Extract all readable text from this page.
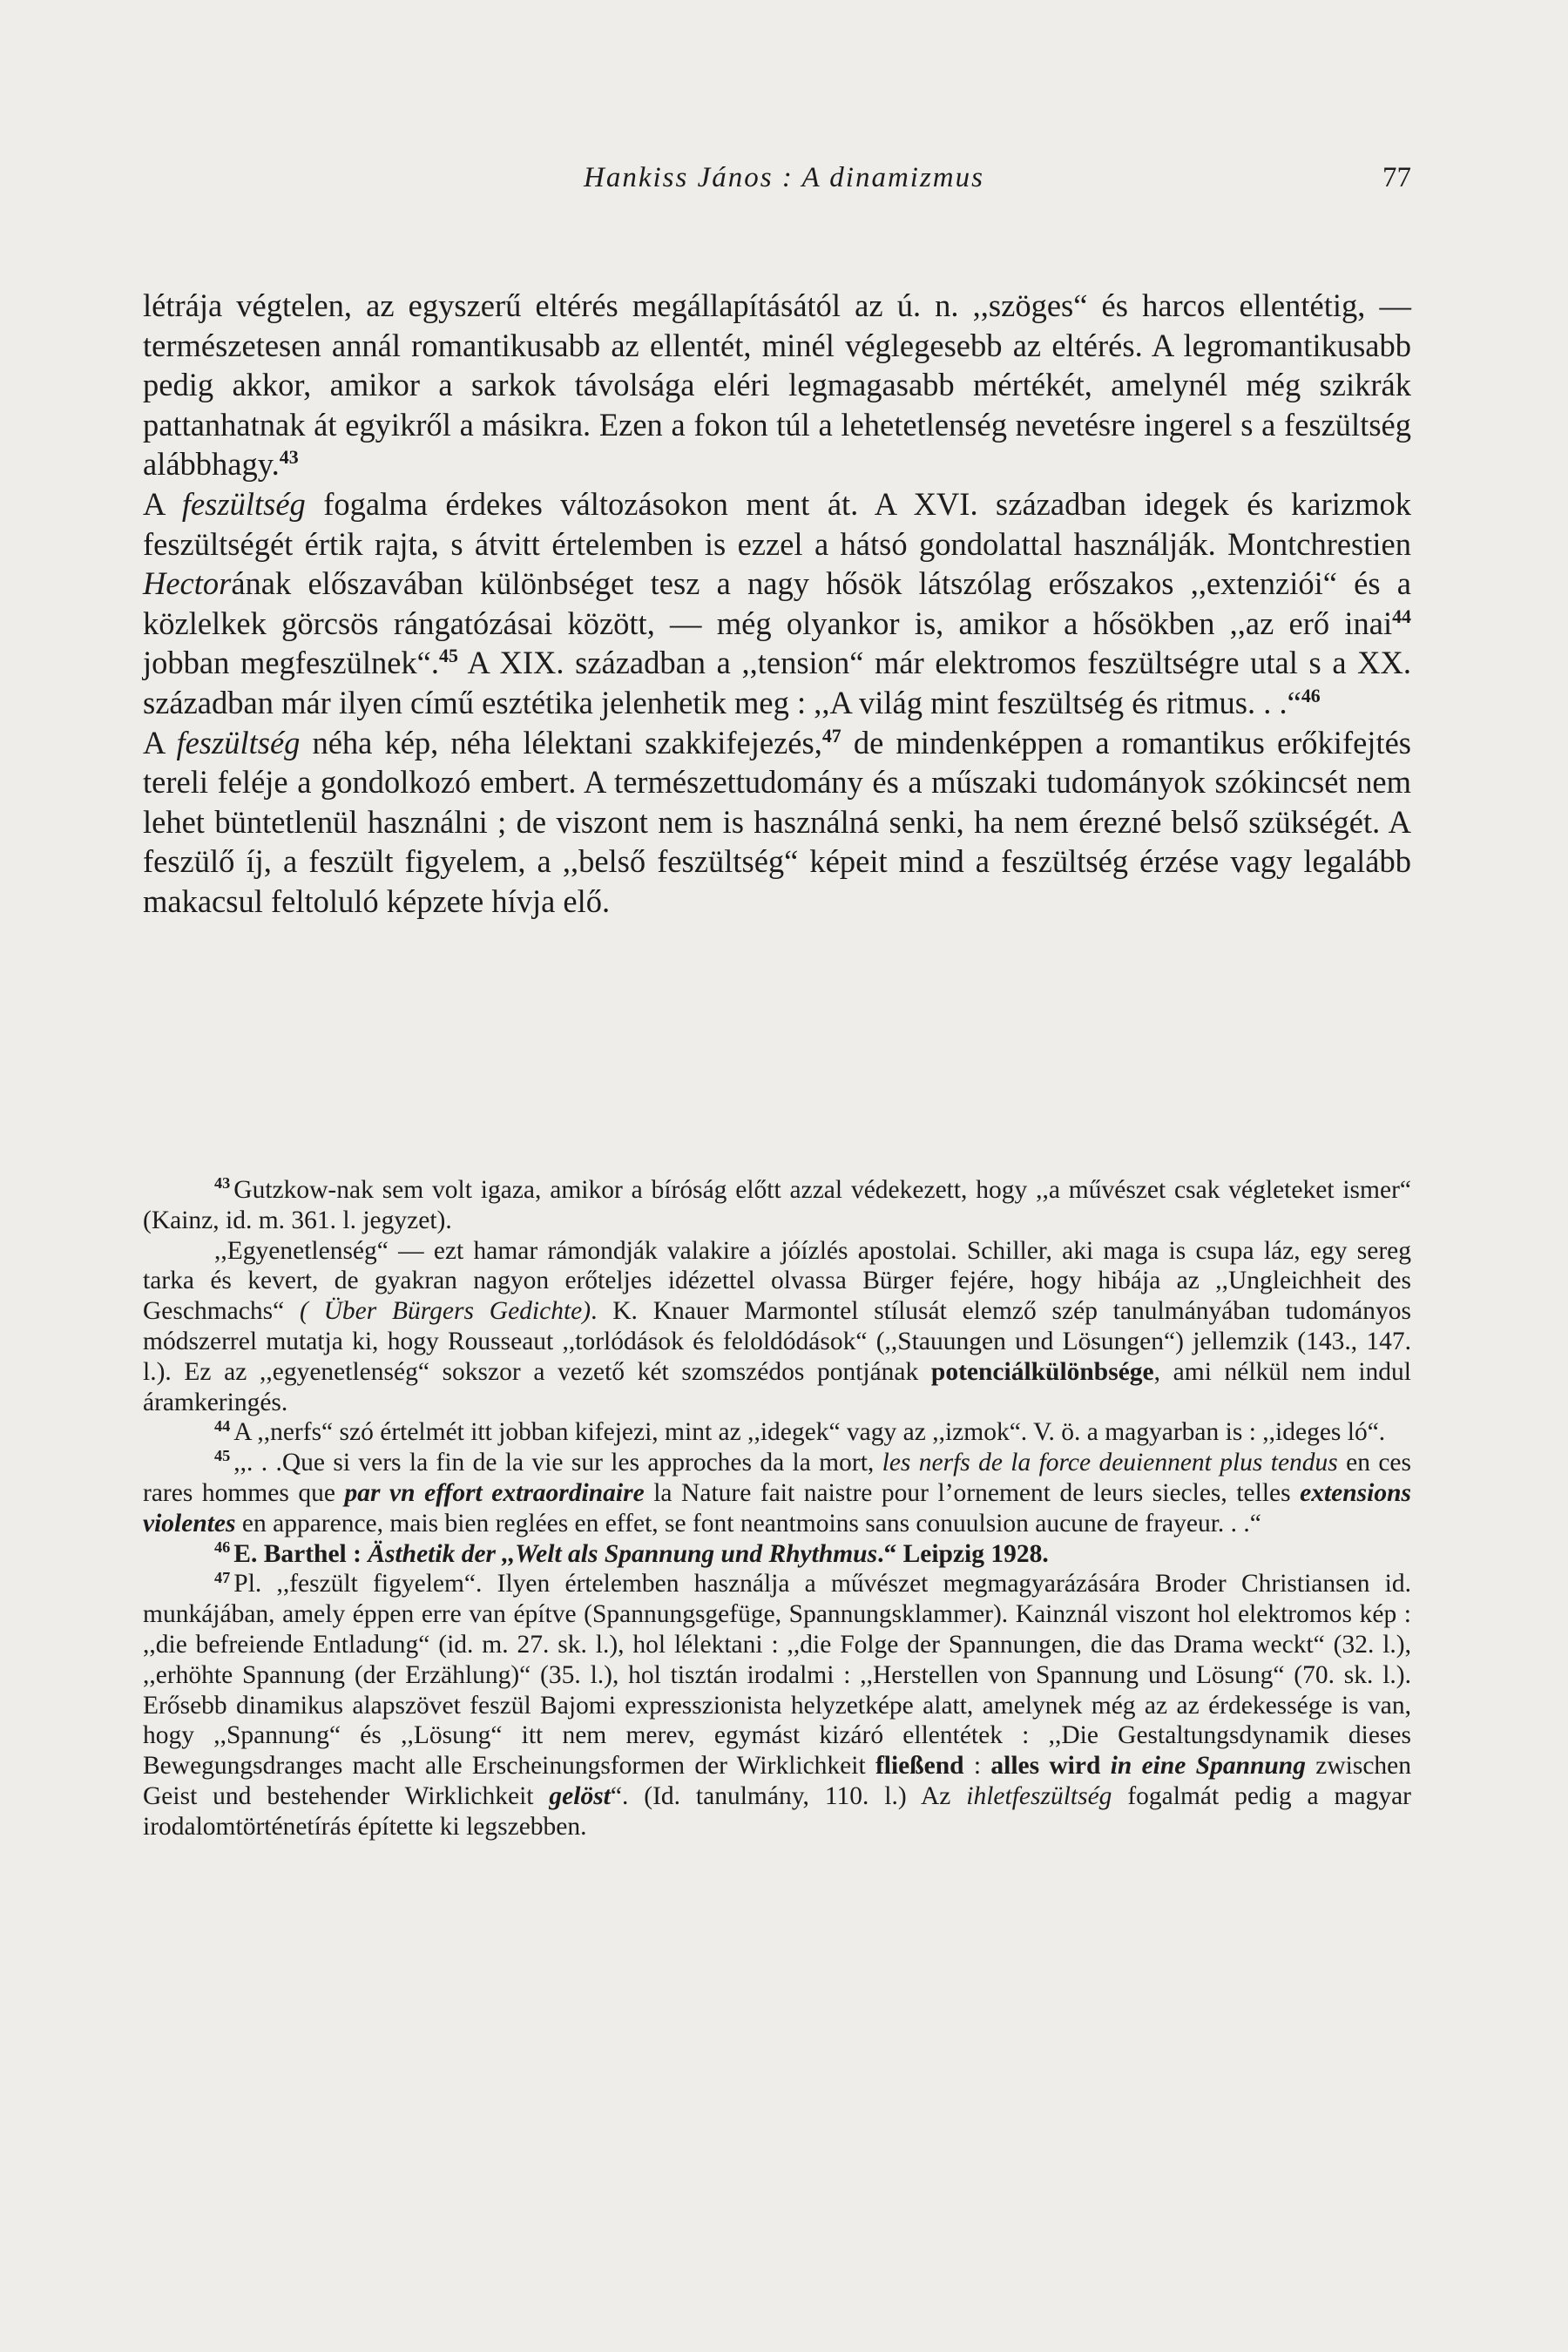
Hankiss János : A dinamizmus	77

létrája végtelen, az egyszerű eltérés megállapításától az ú. n. ,,szöges“ és harcos ellentétig, — természetesen annál romantikusabb az ellentét, minél véglegesebb az eltérés. A legromantikusabb pedig akkor, amikor a sarkok távolsága eléri legmagasabb mértékét, amelynél még szikrák pattanhatnak át egyikről a másikra. Ezen a fokon túl a lehetetlenség nevetésre ingerel s a feszültség alábbhagy.$^{43}$

A feszültség fogalma érdekes változásokon ment át. A XVI. században idegek és karizmok feszültségét értik rajta, s átvitt értelemben is ezzel a hátsó gondolattal használják. Montchrestien Hectorának előszavában különbséget tesz a nagy hősök látszólag erőszakos ,,extenziói“ és a közlelkek görcsös rángatózásai között, — még olyankor is, amikor a hősökben ,,az erő inai$^{44}$ jobban megfeszülnek“.$^{45}$ A XIX. században a ,,tension“ már elektromos feszültségre utal s a XX. században már ilyen című esztétika jelenhetik meg : ,,A világ mint feszültség és ritmus. . .“$^{46}$

A feszültség néha kép, néha lélektani szakkifejezés,$^{47}$ de mindenképpen a romantikus erőkifejtés tereli feléje a gondolkozó embert. A természettudomány és a műszaki tudományok szókincsét nem lehet büntetlenül használni ; de viszont nem is használná senki, ha nem érezné belső szükségét. A feszülő íj, a feszült figyelem, a ,,belső feszültség“ képeit mind a feszültség érzése vagy legalább makacsul feltoluló képzete hívja elő.

$^{43}$ Gutzkow-nak sem volt igaza, amikor a bíróság előtt azzal védekezett, hogy ,,a művészet csak végleteket ismer“ (Kainz, id. m. 361. l. jegyzet).

,,Egyenetlenség“ — ezt hamar rámondják valakire a jóízlés apostolai. Schiller, aki maga is csupa láz, egy sereg tarka és kevert, de gyakran nagyon erőteljes idézettel olvassa Bürger fejére, hogy hibája az ,,Ungleichheit des Geschmachs“ ( Über Bürgers Gedichte). K. Knauer Marmontel stílusát elemző szép tanulmányában tudományos módszerrel mutatja ki, hogy Rousseaut ,,torlódások és feloldódások“ (,,Stauungen und Lösungen“) jellemzik (143., 147. l.). Ez az ,,egyenetlenség“ sokszor a vezető két szomszédos pontjának potenciálkülönbsége, ami nélkül nem indul áramkeringés.

$^{44}$ A ,,nerfs“ szó értelmét itt jobban kifejezi, mint az ,,idegek“ vagy az ,,izmok“. V. ö. a magyarban is : ,,ideges ló“.

$^{45}$ ,,. . .Que si vers la fin de la vie sur les approches da la mort, les nerfs de la force deuiennent plus tendus en ces rares hommes que par vn effort extraordinaire la Nature fait naistre pour l’ornement de leurs siecles, telles extensions violentes en apparence, mais bien reglées en effet, se font neantmoins sans conuulsion aucune de frayeur. . .“

$^{46}$ E. Barthel : Ästhetik der ,,Welt als Spannung und Rhythmus.“ Leipzig 1928.

$^{47}$ Pl. ,,feszült figyelem“. Ilyen értelemben használja a művészet megmagyarázására Broder Christiansen id. munkájában, amely éppen erre van építve (Spannungsgefüge, Spannungsklammer). Kainznál viszont hol elektromos kép : ,,die befreiende Entladung“ (id. m. 27. sk. l.), hol lélektani : ,,die Folge der Spannungen, die das Drama weckt“ (32. l.), ,,erhöhte Spannung (der Erzählung)“ (35. l.), hol tisztán irodalmi : ,,Herstellen von Spannung und Lösung“ (70. sk. l.). Erősebb dinamikus alapszövet feszül Bajomi expresszionista helyzetképe alatt, amelynek még az az érdekessége is van, hogy ,,Spannung“ és ,,Lösung“ itt nem merev, egymást kizáró ellentétek : ,,Die Gestaltungsdynamik dieses Bewegungsdranges macht alle Erscheinungsformen der Wirklichkeit fließend : alles wird in eine Spannung zwischen Geist und bestehender Wirklichkeit gelöst“. (Id. tanulmány, 110. l.) Az ihletfeszültség fogalmát pedig a magyar irodalomtörténetírás építette ki legszebben.
